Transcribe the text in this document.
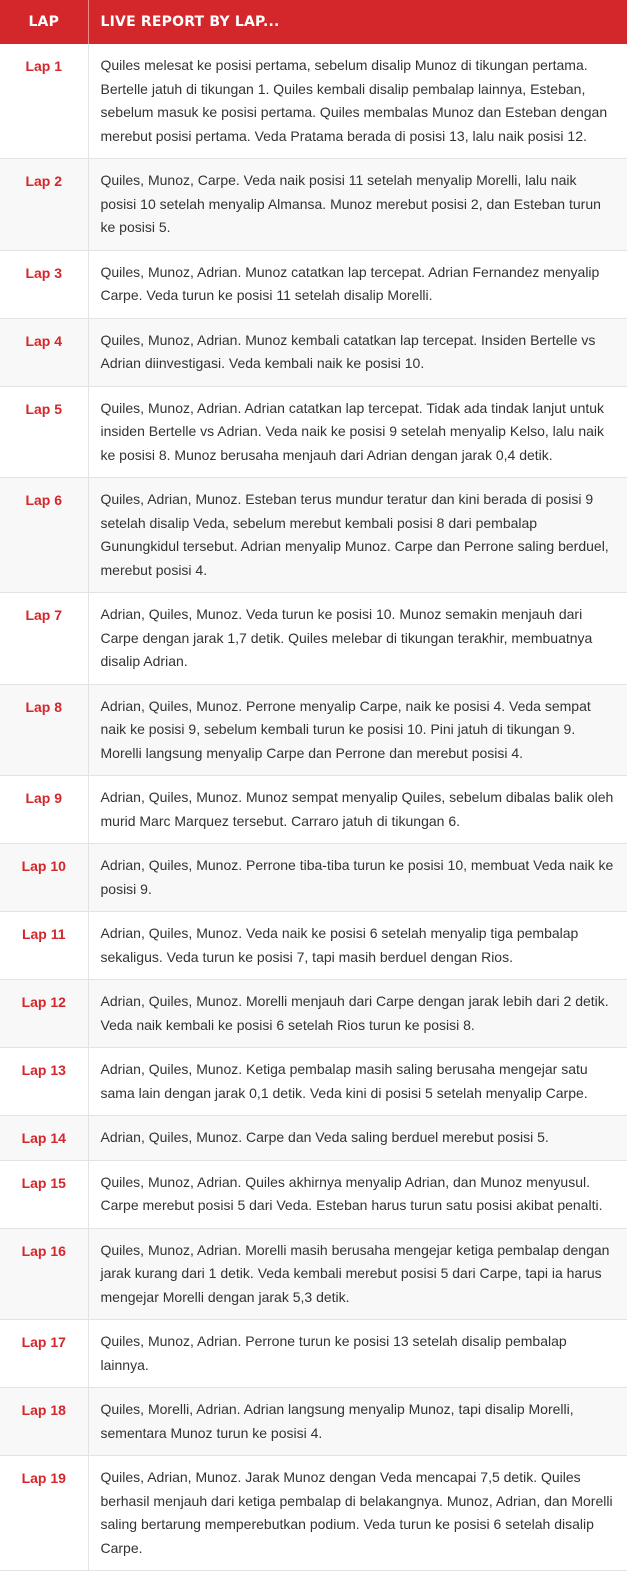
LAP	LIVE REPORT BY LAP...
Lap 1	Quiles melesat ke posisi pertama, sebelum disalip Munoz di tikungan pertama. Bertelle jatuh di tikungan 1. Quiles kembali disalip pembalap lainnya, Esteban, sebelum masuk ke posisi pertama. Quiles membalas Munoz dan Esteban dengan merebut posisi pertama. Veda Pratama berada di posisi 13, lalu naik posisi 12.
Lap 2	Quiles, Munoz, Carpe. Veda naik posisi 11 setelah menyalip Morelli, lalu naik posisi 10 setelah menyalip Almansa. Munoz merebut posisi 2, dan Esteban turun ke posisi 5.
Lap 3	Quiles, Munoz, Adrian. Munoz catatkan lap tercepat. Adrian Fernandez menyalip Carpe. Veda turun ke posisi 11 setelah disalip Morelli.
Lap 4	Quiles, Munoz, Adrian. Munoz kembali catatkan lap tercepat. Insiden Bertelle vs Adrian diinvestigasi. Veda kembali naik ke posisi 10.
Lap 5	Quiles, Munoz, Adrian. Adrian catatkan lap tercepat. Tidak ada tindak lanjut untuk insiden Bertelle vs Adrian. Veda naik ke posisi 9 setelah menyalip Kelso, lalu naik ke posisi 8. Munoz berusaha menjauh dari Adrian dengan jarak 0,4 detik.
Lap 6	Quiles, Adrian, Munoz. Esteban terus mundur teratur dan kini berada di posisi 9 setelah disalip Veda, sebelum merebut kembali posisi 8 dari pembalap Gunungkidul tersebut. Adrian menyalip Munoz. Carpe dan Perrone saling berduel, merebut posisi 4.
Lap 7	Adrian, Quiles, Munoz. Veda turun ke posisi 10. Munoz semakin menjauh dari Carpe dengan jarak 1,7 detik. Quiles melebar di tikungan terakhir, membuatnya disalip Adrian.
Lap 8	Adrian, Quiles, Munoz. Perrone menyalip Carpe, naik ke posisi 4. Veda sempat naik ke posisi 9, sebelum kembali turun ke posisi 10. Pini jatuh di tikungan 9. Morelli langsung menyalip Carpe dan Perrone dan merebut posisi 4.
Lap 9	Adrian, Quiles, Munoz. Munoz sempat menyalip Quiles, sebelum dibalas balik oleh murid Marc Marquez tersebut. Carraro jatuh di tikungan 6.
Lap 10	Adrian, Quiles, Munoz. Perrone tiba-tiba turun ke posisi 10, membuat Veda naik ke posisi 9.
Lap 11	Adrian, Quiles, Munoz. Veda naik ke posisi 6 setelah menyalip tiga pembalap sekaligus. Veda turun ke posisi 7, tapi masih berduel dengan Rios.
Lap 12	Adrian, Quiles, Munoz. Morelli menjauh dari Carpe dengan jarak lebih dari 2 detik. Veda naik kembali ke posisi 6 setelah Rios turun ke posisi 8.
Lap 13	Adrian, Quiles, Munoz. Ketiga pembalap masih saling berusaha mengejar satu sama lain dengan jarak 0,1 detik. Veda kini di posisi 5 setelah menyalip Carpe.
Lap 14	Adrian, Quiles, Munoz. Carpe dan Veda saling berduel merebut posisi 5.
Lap 15	Quiles, Munoz, Adrian. Quiles akhirnya menyalip Adrian, dan Munoz menyusul. Carpe merebut posisi 5 dari Veda. Esteban harus turun satu posisi akibat penalti.
Lap 16	Quiles, Munoz, Adrian. Morelli masih berusaha mengejar ketiga pembalap dengan jarak kurang dari 1 detik. Veda kembali merebut posisi 5 dari Carpe, tapi ia harus mengejar Morelli dengan jarak 5,3 detik.
Lap 17	Quiles, Munoz, Adrian. Perrone turun ke posisi 13 setelah disalip pembalap lainnya.
Lap 18	Quiles, Morelli, Adrian. Adrian langsung menyalip Munoz, tapi disalip Morelli, sementara Munoz turun ke posisi 4.
Lap 19	Quiles, Adrian, Munoz. Jarak Munoz dengan Veda mencapai 7,5 detik. Quiles berhasil menjauh dari ketiga pembalap di belakangnya. Munoz, Adrian, dan Morelli saling bertarung memperebutkan podium. Veda turun ke posisi 6 setelah disalip Carpe.
